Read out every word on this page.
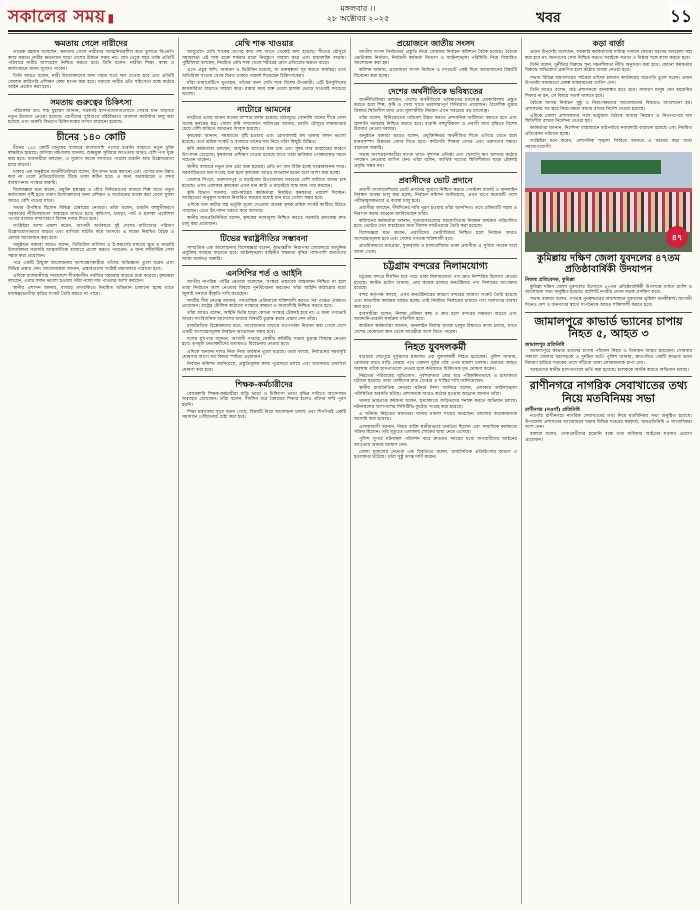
সকালের সময় ▮
মঙ্গলবার ।।
২৮ অক্টোবর ২০২৫	খবর	১১
ক্ষমতায় গেলে নারীদের

তারেক রহমান বলেছেন, ক্ষমতায় গেলে নারীদের আত্মনির্ভরশীল করে তুলতে বিএনপি কাজ করবে। নারীর ক্ষমতায়ন ছাড়া দেশের উন্নয়ন সম্ভব নয়। গ্রাম থেকে শহর পর্যন্ত প্রতিটি পরিবারে নারীর অংশগ্রহণ নিশ্চিত করতে হবে। তিনি বলেন, নারীরা শিক্ষা, স্বাস্থ্য ও কর্মসংস্থানে সমান সুযোগ পাবেন।

তিনি আরও বলেন, নারী উদ্যোক্তাদের জন্য সহজ শর্তে ঋণ দেওয়া হবে এবং প্রতিটি জেলায় কারিগরি প্রশিক্ষণ কেন্দ্র স্থাপন করা হবে। সমাজে নারীর প্রতি সহিংসতা বন্ধে কঠোর আইন প্রয়োগ করা হবে।

সমতায় গুরুত্বের চিকিৎসা

পরিচালক ডাঃ শাহ মুহাম্মদ জানান, সরকারি হাসপাতালগুলোতে সেবার মান বাড়াতে নতুন উদ্যোগ নেওয়া হয়েছে। রোগীদের সুবিধার্থে বহির্বিভাগে আলাদা কাউন্টার চালু করা হয়েছে এবং জরুরি বিভাগে চিকিৎসকের সংখ্যা বাড়ানো হয়েছে।

চীনের ১৪০ কোটি

চীনের ১৪০ কোটি মানুষের বাজারে বাংলাদেশি পণ্যের রপ্তানি বাড়াতে নতুন চুক্তি স্বাক্ষরিত হয়েছে। বাণিজ্য মন্ত্রণালয় জানায়, শুল্কমুক্ত সুবিধার আওতায় আরও বেশি পণ্য যুক্ত করা হবে। ব্যবসায়ীরা বলছেন, এ সুযোগ কাজে লাগাতে পারলে রপ্তানি আয় উল্লেখযোগ্য হারে বাড়বে।

ঢাকার এক অনুষ্ঠানে অর্থনীতিবিদরা বলেন, উৎপাদন খরচ কমানো এবং পণ্যের মান উন্নত করা না গেলে প্রতিযোগিতায় টিকে থাকা কঠিন হবে। এ জন্য অবকাঠামো ও বন্দর ব্যবস্থাপনায় সংস্কার জরুরি।

বিশেষজ্ঞরা মনে করেন, প্রযুক্তি হস্তান্তর ও যৌথ বিনিয়োগের মাধ্যমে শিল্প খাতে নতুন কর্মসংস্থান সৃষ্টি হবে। তরুণ উদ্যোক্তাদের জন্য প্রশিক্ষণ ও অর্থায়নের ব্যবস্থা করা গেলে সুফল আরও বেশি পাওয়া যাবে।

সভায় উপস্থিত ছিলেন বিভিন্ন চেম্বারের নেতারা। তাঁরা বলেন, রপ্তানি বহুমুখীকরণে সরকারের নীতিসহায়তা অব্যাহত রাখতে হবে। কৃষিপণ্য, চামড়া, পাট ও হালকা প্রকৌশল পণ্যের বাজার সম্প্রসারণে বিশেষ নজর দিতে হবে।

সংশ্লিষ্টরা আশা প্রকাশ করেন, আগামী অর্থবছরে দুই দেশের বাণিজ্যের পরিমাণ উল্লেখযোগ্যভাবে বাড়বে এবং বাণিজ্য ঘাটতি কমে আসবে। এ লক্ষ্যে নিয়মিত বৈঠক ও মেলার আয়োজন করা হবে।

অনুষ্ঠানে বক্তারা আরও বলেন, ডিজিটাল বাণিজ্য ও ই-কমার্সের মাধ্যমে ক্ষুদ্র ও মাঝারি উদ্যোক্তারা সরাসরি আন্তর্জাতিক বাজারে প্রবেশ করতে পারবেন। এ জন্য লজিস্টিক সেবা সহজ করা প্রয়োজন।

পরে একটি উন্মুক্ত আলোচনায় অংশগ্রহণকারীরা তাঁদের অভিজ্ঞতা তুলে ধরেন এবং বিভিন্ন প্রস্তাব দেন। আয়োজকরা জানান, প্রস্তাবগুলো সংশ্লিষ্ট মন্ত্রণালয়ে পাঠানো হবে।

এদিকে রাজধানীসহ সারাদেশে শীতকালীন সবজির সরবরাহ বাড়তে শুরু করেছে। কৃষকেরা বলছেন, এবার ফলন ভালো হওয়ায় তাঁরা ন্যায্য দাম পাওয়ার আশা করছেন।

স্থানীয় প্রশাসন জানায়, বাজার তদারকিতে নিয়মিত অভিযান চালানো হচ্ছে যাতে মধ্যস্বত্বভোগীরা কৃত্রিম সংকট তৈরি করতে না পারে।

মেথি শাক খাওয়ার

আয়ুর্বেদে মেথি শাকের গুণের কথা বহু আগে থেকেই বলা হয়েছে। শীতের মৌসুমে সহজলভ্য এই শাক রক্তে শর্করার মাত্রা নিয়ন্ত্রণে সাহায্য করে এবং হজমশক্তি বাড়ায়। পুষ্টিবিদরা বলছেন, নিয়মিত মেথি শাক খেলে শরীরের রোগ প্রতিরোধ ক্ষমতা বাড়ে।

এতে প্রচুর আঁশ, আয়রন ও ভিটামিন রয়েছে, যা রক্তস্বল্পতা দূর করতে কার্যকর। তবে অতিরিক্ত খাওয়া থেকে বিরত থাকার পরামর্শ দিয়েছেন চিকিৎসকেরা।

যাঁরা ডায়াবেটিসে ভুগছেন, তাঁদের জন্য মেথি শাক বিশেষ উপকারী। এটি ইনসুলিনের কার্যকারিতা বাড়াতে সাহায্য করে। রান্নার সময় অল্প তেলে হালকা ভেজে খাওয়াই সবচেয়ে ভালো।

নাটোরে আমনের

নাটোরে এবার আমন ধানের বাম্পার ফলন হয়েছে। মাঠজুড়ে সোনালি ধানের শীষে দোল খাচ্ছে কৃষকের স্বপ্ন। জেলা কৃষি সম্প্রসারণ অধিদপ্তর জানায়, চলতি মৌসুমে লক্ষ্যমাত্রার চেয়ে বেশি জমিতে আমনের আবাদ হয়েছে।

কৃষকেরা জানান, সময়মতো বৃষ্টি হওয়ায় এবং রোগবালাই কম থাকায় ফলন ভালো হয়েছে। তবে শ্রমিক সংকট ও বাজারে ধানের দাম নিয়ে তাঁরা কিছুটা চিন্তিত।

কৃষি কর্মকর্তারা বলছেন, আধুনিক জাতের ধান চাষ এবং সুষম সার ব্যবহারের কারণে উৎপাদন বেড়েছে। কৃষকদের প্রশিক্ষণ দেওয়া হয়েছে যাতে তারা ক্ষতিকর পোকামাকড় দমনে সচেতন থাকেন।

স্থানীয় বাজারে নতুন ধান ওঠা শুরু হয়েছে। প্রতি মণ ধান বিক্রি হচ্ছে সন্তোষজনক দামে। সরকারিভাবে ধান সংগ্রহ শুরু হলে কৃষকেরা আরও লাভবান হবেন বলে আশা করা হচ্ছে।

জেলার সিংড়া, গুরুদাসপুর ও বড়াইগ্রাম উপজেলায় সবচেয়ে বেশি জমিতে আমন চাষ হয়েছে। এসব এলাকার কৃষকেরা এখন ধান কাটা ও মাড়াইয়ে ব্যস্ত সময় পার করছেন।

কৃষি বিভাগ জানায়, মাঠপর্যায়ের কর্মকর্তারা নিয়মিত কৃষকদের পরামর্শ দিচ্ছেন। আবহাওয়া অনুকূল থাকলে নির্ধারিত সময়ের মধ্যেই ধান ঘরে তোলা সম্ভব হবে।

এদিকে ধান কাটার যন্ত্র ভর্তুকি মূল্যে দেওয়ায় অনেক কৃষক শ্রমিক সংকট কাটিয়ে উঠতে পারছেন। এতে উৎপাদন খরচও কমে আসছে।

স্থানীয় জনপ্রতিনিধিরা বলেন, কৃষকের ন্যায্যমূল্য নিশ্চিত করতে সরকারি ক্রয়কেন্দ্র দ্রুত চালু করা প্রয়োজন।

টিভের স্বরাষ্ট্রনীতির সম্ভাবনা

সাম্প্রতিক এক আলোচনায় বিশেষজ্ঞরা বলেন, অভ্যন্তরীণ নিরাপত্তা জোরদারে আধুনিক প্রযুক্তির ব্যবহার বাড়াতে হবে। আইনশৃঙ্খলা বাহিনীর সক্ষমতা বৃদ্ধির পাশাপাশি জনগণের আস্থা অর্জনও জরুরি।

এনসিপির শর্ত ও আইনি

জাতীয় নাগরিক পার্টির নেতারা বলেছেন, সংস্কার প্রস্তাবের বাস্তবায়ন নিশ্চিত না হলে তারা নির্বাচনে অংশ নেওয়ার বিষয়ে পুনর্বিবেচনা করবেন। তাঁরা আইনি কাঠামোর মধ্যে জুলাই সনদের স্বীকৃতি দাবি করেছেন।

দলটির শীর্ষ নেতৃত্ব জানান, গণতান্ত্রিক প্রক্রিয়াকে শক্তিশালী করতে সব পক্ষের ঐকমত্য প্রয়োজন। রাষ্ট্রের মৌলিক কাঠামো সংস্কারে স্বচ্ছতা ও জবাবদিহি নিশ্চিত করতে হবে।

তাঁরা আরও বলেন, আইনি ভিত্তি ছাড়া কোনো সংস্কার টেকসই হবে না। এ জন্য গণভোট অথবা সাংবিধানিক আদেশের মাধ্যমে বিষয়টি চূড়ান্ত করার প্রস্তাব দেন তাঁরা।

রাজনৈতিক বিশ্লেষকদের মতে, আলোচনার মাধ্যমে মতপার্থক্য নিরসন করা গেলে দেশে একটি অংশগ্রহণমূলক নির্বাচন আয়োজন সম্ভব হবে।

দলের মুখপাত্র জানান, আগামী সপ্তাহে কেন্দ্রীয় কমিটির সভায় চূড়ান্ত সিদ্ধান্ত নেওয়া হবে। তৃণমূল নেতাকর্মীদের মতামতও বিবেচনায় নেওয়া হবে।

এদিকে অন্যান্য দলও নিজ নিজ অবস্থান তুলে ধরেছে। তারা বলছে, নির্বাচনের সময়সূচি ঘোষণার আগে সব বিষয়ে স্পষ্টতা প্রয়োজন।

নির্বাচন কমিশন জানিয়েছে, প্রস্তুতিমূলক কাজ পুরোদমে চলছে এবং যথাসময়ে তফসিল ঘোষণা করা হবে।

শিক্ষক-কর্মচারীদের

বেসরকারি শিক্ষক-কর্মচারীরা বাড়ি ভাড়া ও চিকিৎসা ভাতা বৃদ্ধির দাবিতে আন্দোলন অব্যাহত রেখেছেন। তাঁরা বলেন, দীর্ঘদিন ধরে বৈষম্যের শিকার হলেও তাঁদের দাবি পূরণ হয়নি।

শিক্ষা মন্ত্রণালয় সূত্রে জানা গেছে, বিষয়টি নিয়ে আলোচনা চলছে এবং শিগগিরই একটি সমাধানে পৌঁছানোর চেষ্টা করা হবে।

প্রয়োজনে জাতীয় সংসদ

জাতীয় সংসদ নির্বাচনের প্রস্তুতি নিয়ে সোমবার নির্বাচন কমিশনে বৈঠক হয়েছে। বৈঠকে ভোটকেন্দ্র নির্ধারণ, নির্বাচনী কর্মকর্তা নিয়োগ ও আইনশৃঙ্খলা পরিস্থিতি নিয়ে বিস্তারিত আলোচনা করা হয়।

কমিশন জানায়, প্রয়োজনে সংসদ নির্বাচন ও গণভোট একই দিনে আয়োজনের বিষয়টি বিবেচনা করা হচ্ছে।

দেশের অর্থনীতিকে ভবিষ্যতের

অর্থনীতিবিদরা বলছেন, দেশের অর্থনীতিকে ভবিষ্যতের চ্যালেঞ্জ মোকাবিলায় প্রস্তুত করতে হলে শিল্প, কৃষি ও সেবা খাতে ভারসাম্যপূর্ণ বিনিয়োগ প্রয়োজন। বৈদেশিক মুদ্রার রিজার্ভ স্থিতিশীল রাখা এবং মূল্যস্ফীতি নিয়ন্ত্রণ এখন সবচেয়ে বড় চ্যালেঞ্জ।

তাঁরা বলেন, বিনিয়োগের পরিবেশ উন্নত করতে প্রশাসনিক জটিলতা কমাতে হবে এবং জ্বালানি সরবরাহ নিশ্চিত করতে হবে। রপ্তানি বহুমুখীকরণ ও প্রবাসী আয় বৃদ্ধিতে বিশেষ উদ্যোগ নেওয়া দরকার।

অনুষ্ঠানে বক্তারা আরও বলেন, প্রযুক্তিনির্ভর অর্থনীতির দিকে এগিয়ে যেতে হলে মানবসম্পদ উন্নয়নে জোর দিতে হবে। কারিগরি শিক্ষার প্রসার এবং তরুণদের দক্ষতা বাড়ানো জরুরি।

সভায় অংশগ্রহণকারীরা ব্যাংক খাতে সুশাসন প্রতিষ্ঠা এবং খেলাপি ঋণ আদায়ে কঠোর পদক্ষেপ নেওয়ার তাগিদ দেন। তাঁরা বলেন, আর্থিক খাতের স্থিতিশীলতা ছাড়া টেকসই প্রবৃদ্ধি সম্ভব নয়।

প্রবাসীদের ভোট প্রদানে

প্রবাসী বাংলাদেশিদের ভোট প্রদানের সুযোগ নিশ্চিত করতে পোস্টাল ব্যালট ও অনলাইন নিবন্ধন ব্যবস্থা চালু করা হচ্ছে। নির্বাচন কমিশন জানিয়েছে, প্রথম ধাপে কয়েকটি দেশে পরীক্ষামূলকভাবে এ ব্যবস্থা চালু হবে।

প্রবাসীরা বলছেন, দীর্ঘদিনের দাবি পূরণ হওয়ায় তাঁরা আনন্দিত। তবে প্রক্রিয়াটি সহজ ও নিরাপদ করার আহ্বান জানিয়েছেন তাঁরা।

কমিশনের কর্মকর্তারা জানান, দূতাবাসগুলোর সহযোগিতায় নিবন্ধন কার্যক্রম পরিচালিত হবে। ভোটার তথ্য যাচাইয়ের জন্য বিশেষ সফটওয়্যার তৈরি করা হয়েছে।

বিশেষজ্ঞরা মনে করেন, প্রবাসীদের ভোটাধিকার নিশ্চিত হলে নির্বাচন আরও অংশগ্রহণমূলক হবে এবং দেশের গণতন্ত্র শক্তিশালী হবে।

প্রাথমিকভাবে মধ্যপ্রাচ্য, যুক্তরাজ্য ও মালয়েশিয়ায় থাকা প্রবাসীরা এ সুবিধা পাবেন বলে জানা গেছে।

চট্টগ্রাম বন্দরের নিলামযোগ্য

চট্টগ্রাম বন্দরে দীর্ঘদিন ধরে পড়ে থাকা নিলামযোগ্য পণ্য দ্রুত নিষ্পত্তির উদ্যোগ নেওয়া হয়েছে। কাস্টম হাউস জানায়, প্রায় কয়েক হাজার কনটেইনার পণ্য নিলামের অপেক্ষায় রয়েছে।

বন্দর কর্তৃপক্ষ বলছে, এসব কনটেইনারের কারণে বন্দরের জায়গা সংকট তৈরি হয়েছে এবং স্বাভাবিক কার্যক্রম ব্যাহত হচ্ছে। তাই নিয়মিত নিলামের মাধ্যমে পণ্য খালাসের ব্যবস্থা করা হবে।

ব্যবসায়ীরা বলেন, নিলাম প্রক্রিয়া স্বচ্ছ ও দ্রুত হলে বন্দরের সক্ষমতা বাড়বে এবং আমদানি-রপ্তানি কার্যক্রম গতিশীল হবে।

কাস্টমস কর্মকর্তারা জানান, অনলাইন নিলাম ব্যবস্থা চালুর বিষয়েও কাজ চলছে, যাতে দেশের যেকোনো স্থান থেকে আগ্রহীরা অংশ নিতে পারেন।

নিহত যুবদলকর্মী

বগুড়ার শেরপুরে দুর্বৃত্তদের হামলায় এক যুবদলকর্মী নিহত হয়েছেন। পুলিশ জানায়, রোববার রাতে বাড়ি ফেরার পথে একদল দুর্বৃত্ত তাঁর ওপর হামলা চালায়। গুরুতর আহত অবস্থায় তাঁকে হাসপাতালে নেওয়া হলে কর্তব্যরত চিকিৎসক মৃত ঘোষণা করেন।

নিহতের পরিবারের অভিযোগ, পূর্বশত্রুতার জের ধরে পরিকল্পিতভাবে এ হত্যাকাণ্ড ঘটানো হয়েছে। তারা দোষীদের দ্রুত গ্রেপ্তার ও শাস্তির দাবি জানিয়েছেন।

স্থানীয় রাজনৈতিক নেতারা ঘটনার নিন্দা জানিয়ে বলেন, এলাকায় আইনশৃঙ্খলা পরিস্থিতির অবনতি ঘটছে। প্রশাসনকে আরও কঠোর হওয়ার আহ্বান জানান তাঁরা।

থানার ভারপ্রাপ্ত কর্মকর্তা বলেন, হত্যাকাণ্ডে জড়িতদের শনাক্ত করতে অভিযান চলছে। ঘটনাস্থলের আশপাশের সিসিটিভি ফুটেজ সংগ্রহ করা হয়েছে।

এ ঘটনায় নিহতের স্বজনেরা থানায় মামলা দায়ের করেছেন। মামলায় কয়েকজনকে আসামি করা হয়েছে।

এলাকাবাসী জানান, নিহত ব্যক্তি স্থানীয়ভাবে জনপ্রিয় ছিলেন এবং সামাজিক কর্মকাণ্ডে সক্রিয় ছিলেন। তাঁর মৃত্যুতে এলাকায় শোকের ছায়া নেমে এসেছে।

পুলিশ সুপার ঘটনাস্থল পরিদর্শন করে দ্রুততম সময়ের মধ্যে অপরাধীদের আইনের আওতায় আনার আশ্বাস দেন।

জেলা যুবদলের নেতারা এক বিবৃতিতে বলেন, রাজনৈতিক প্রতিহিংসার কারণে এ হত্যাকাণ্ড ঘটেছে। তাঁরা সুষ্ঠু তদন্ত দাবি করেন।

কড়া বার্তা

প্রধান উপদেষ্টা বলেছেন, সরকারি কর্মকর্তাদের দায়িত্ব পালনে কোনো ধরনের অবহেলা সহ্য করা হবে না। জনগণের সেবা নিশ্চিত করতে সবাইকে সততা ও নিষ্ঠার সঙ্গে কাজ করতে হবে।

তিনি বলেন, দুর্নীতির বিরুদ্ধে শূন্য সহনশীলতা নীতি অনুসরণ করা হবে। কোনো কর্মকর্তার বিরুদ্ধে অভিযোগ প্রমাণিত হলে কঠোর ব্যবস্থা নেওয়া হবে।

সভায় বিভিন্ন মন্ত্রণালয়ের সচিবরা তাঁদের চলমান কার্যক্রমের অগ্রগতি তুলে ধরেন। প্রধান উপদেষ্টা সময়মতো প্রকল্প বাস্তবায়নের তাগিদ দেন।

তিনি আরও বলেন, মাঠ প্রশাসনকে জনবান্ধব হতে হবে। সাধারণ মানুষ যেন হয়রানির শিকার না হন, সে বিষয়ে সতর্ক থাকতে হবে।

বৈঠকে আসন্ন নির্বাচন সুষ্ঠু ও নিরপেক্ষভাবে আয়োজনের বিষয়েও আলোচনা হয়। প্রশাসনের সব স্তরে নিরপেক্ষতা বজায় রাখার নির্দেশ দেওয়া হয়েছে।

এদিকে জেলা প্রশাসকদের সঙ্গে ভার্চুয়াল বৈঠকে বাজার নিয়ন্ত্রণ ও নিত্যপণ্যের দাম স্থিতিশীল রাখার নির্দেশনা দেওয়া হয়।

কর্মকর্তারা জানান, নির্দেশনা বাস্তবায়নে মাঠপর্যায়ে নজরদারি বাড়ানো হয়েছে এবং নিয়মিত প্রতিবেদন পাঠানো হচ্ছে।

সংশ্লিষ্টরা মনে করেন, প্রশাসনিক শৃঙ্খলা ফিরিয়ে আনতে এ ধরনের কড়া বার্তা সময়োপযোগী।

৪৭
কুমিল্লায় দক্ষিণ জেলা যুবদলের ৪৭তম প্রতিষ্ঠাবার্ষিকী উদযাপন
নিজস্ব প্রতিবেদক, কুমিল্লা

কুমিল্লা দক্ষিণ জেলা যুবদলের উদ্যোগে ৪৭তম প্রতিষ্ঠাবার্ষিকী উপলক্ষে বর্ণাঢ্য র‍্যালি ও আলোচনা সভা অনুষ্ঠিত হয়েছে। র‍্যালিটি নগরীর প্রধান সড়ক প্রদক্ষিণ করে।

সভায় বক্তারা বলেন, গণতন্ত্র পুনরুদ্ধারের আন্দোলনে যুবদলের ভূমিকা অনস্বীকার্য। আগামী দিনেও দেশ ও জনগণের স্বার্থে সংগঠনকে আরও শক্তিশালী করতে হবে।

জামালপুরে কাভার্ড ভ্যানের চাপায় নিহত ৫, আহত ৩
জামালপুর প্রতিনিধি

জামালপুরে কাভার্ড ভ্যানের চাপায় পাঁচজন নিহত ও তিনজন আহত হয়েছেন। সোমবার সকালে জেলার মহাসড়কে এ দুর্ঘটনা ঘটে। পুলিশ জানায়, দ্রুতগতির একটি কাভার্ড ভ্যান নিয়ন্ত্রণ হারিয়ে সড়কের পাশে দাঁড়িয়ে থাকা লোকজনকে চাপা দেয়।

আহতদের স্থানীয় হাসপাতালে ভর্তি করা হয়েছে। চালককে আটক করতে অভিযান চলছে।

রাণীনগরে নাগরিক সেবাখাতের তথ্য নিয়ে মতবিনিময় সভা
রাণীনগর (নওগাঁ) প্রতিনিধি

নওগাঁর রাণীনগরে নাগরিক সেবাখাতের তথ্য নিয়ে মতবিনিময় সভা অনুষ্ঠিত হয়েছে। উপজেলা প্রশাসনের আয়োজনে সভায় বিভিন্ন দপ্তরের কর্মকর্তা, জনপ্রতিনিধি ও সাংবাদিকরা অংশ নেন।

বক্তারা বলেন, সেবাপ্রার্থীদের হয়রানি বন্ধে তথ্য অধিকার আইনের যথাযথ প্রয়োগ প্রয়োজন।
